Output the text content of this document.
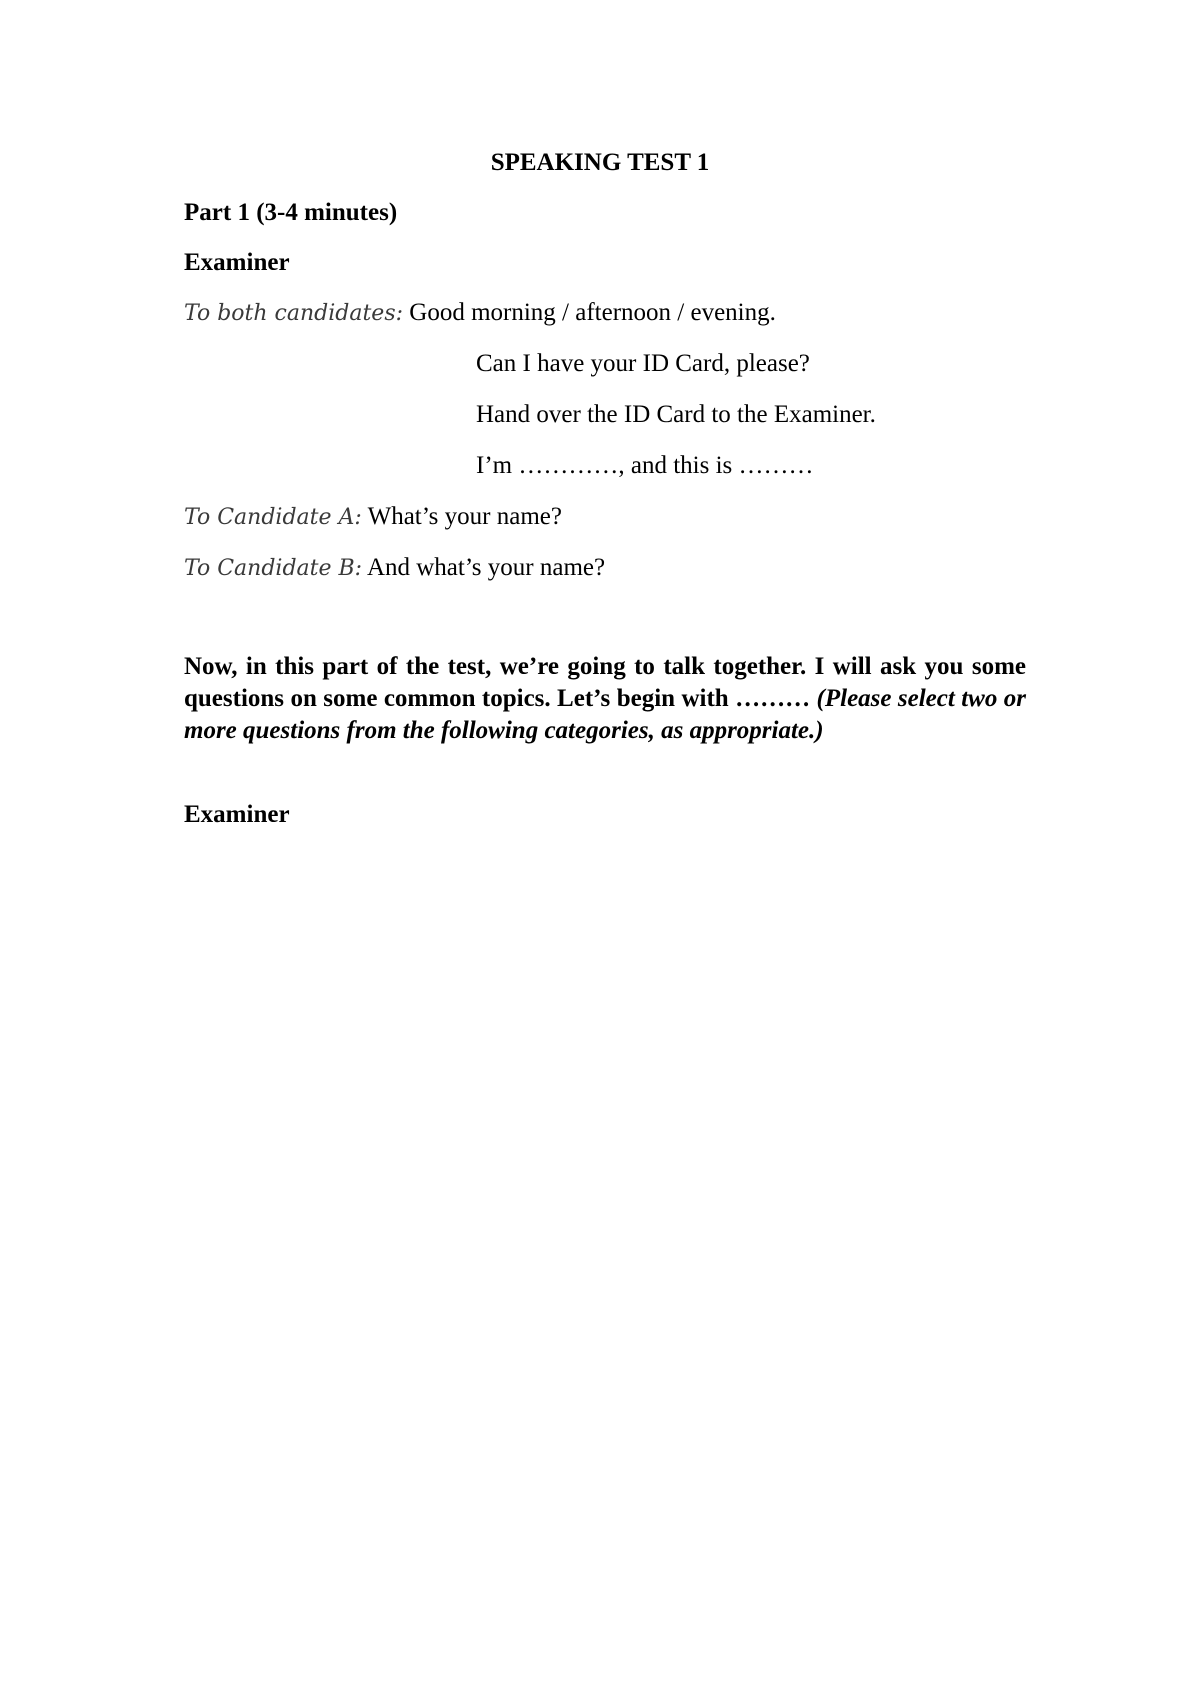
SPEAKING TEST 1
Part 1 (3-4 minutes)
Examiner
To both candidates: Good morning / afternoon / evening.
Can I have your ID Card, please?
Hand over the ID Card to the Examiner.
I’m …………, and this is ………
To Candidate A: What’s your name?
To Candidate B: And what’s your name?
Now, in this part of the test, we’re going to talk together. I will ask you some questions on some common topics. Let’s begin with ……… (Please select two or more questions from the following categories, as appropriate.)
Examiner
